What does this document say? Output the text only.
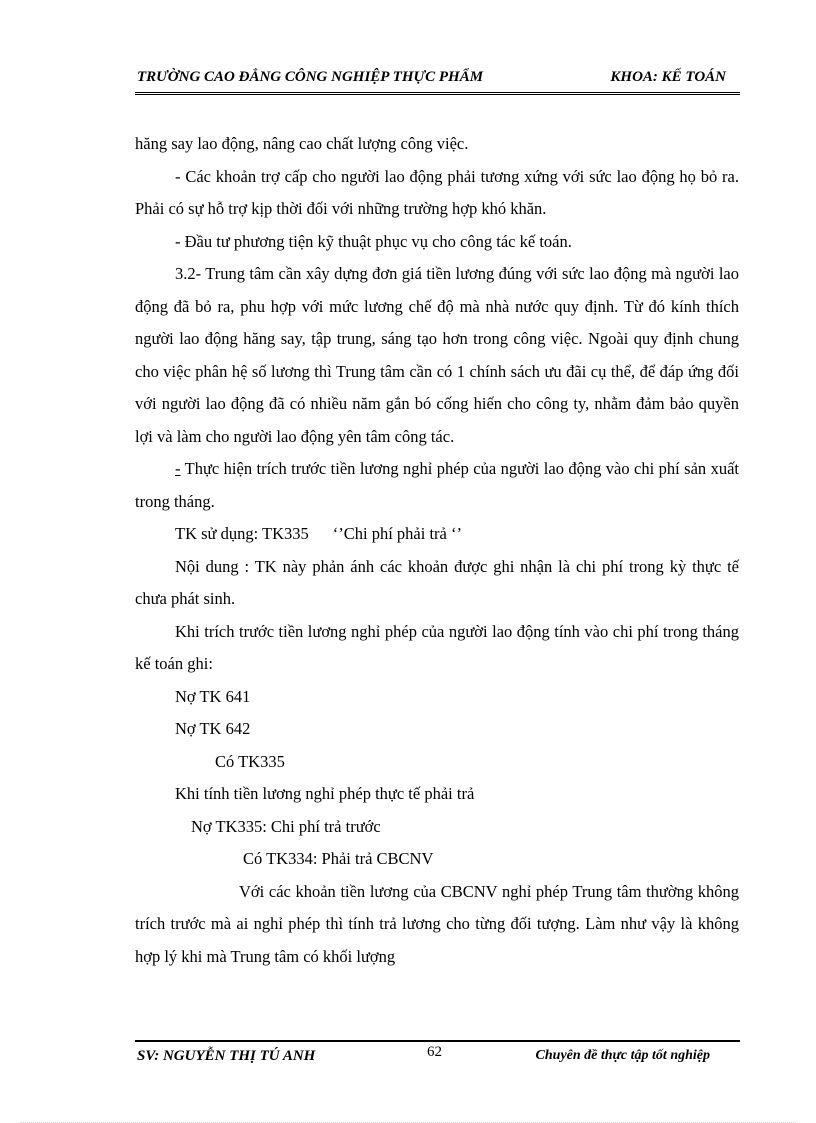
TRƯỜNG CAO ĐẲNG CÔNG NGHIỆP THỰC PHẨM	KHOA: KẾ TOÁN

hăng say lao động, nâng cao chất lượng công việc.

- Các khoản trợ cấp cho người lao động phải tương xứng với sức lao động họ bỏ ra. Phải có sự hỗ trợ kịp thời đối với những trường hợp khó khăn.

- Đầu tư phương tiện kỹ thuật phục vụ cho công tác kế toán.

3.2- Trung tâm cần xây dựng đơn giá tiền lương đúng với sức lao động mà người lao động đã bỏ ra, phu hợp với mức lương chế độ mà nhà nước quy định. Từ đó kính thích người lao động hăng say, tập trung, sáng tạo hơn trong công việc. Ngoài quy định chung cho việc phân hệ số lương thì Trung tâm cần có 1 chính sách ưu đãi cụ thể, để đáp ứng đối với người lao động đã có nhiều năm gắn bó cống hiến cho công ty, nhằm đảm bảo quyền lợi và làm cho người lao động yên tâm công tác.

- Thực hiện trích trước tiền lương nghỉ phép của người lao động vào chi phí sản xuất trong tháng.

TK sử dụng: TK335 ‘’Chi phí phải trả ‘’

Nội dung : TK này phản ánh các khoản được ghi nhận là chi phí trong kỳ thực tế chưa phát sinh.

Khi trích trước tiền lương nghỉ phép của người lao động tính vào chi phí trong tháng kế toán ghi:

Nợ TK 641

Nợ TK 642

Có TK335

Khi tính tiền lương nghỉ phép thực tế phải trả

Nợ TK335: Chi phí trả trước

Có TK334: Phải trả CBCNV

Với các khoản tiền lương của CBCNV nghỉ phép Trung tâm thường không trích trước mà ai nghỉ phép thì tính trả lương cho từng đối tượng. Làm như vậy là không hợp lý khi mà Trung tâm có khối lượng

SV: NGUYỄN THỊ TÚ ANH	62	Chuyên đề thực tập tốt nghiệp
